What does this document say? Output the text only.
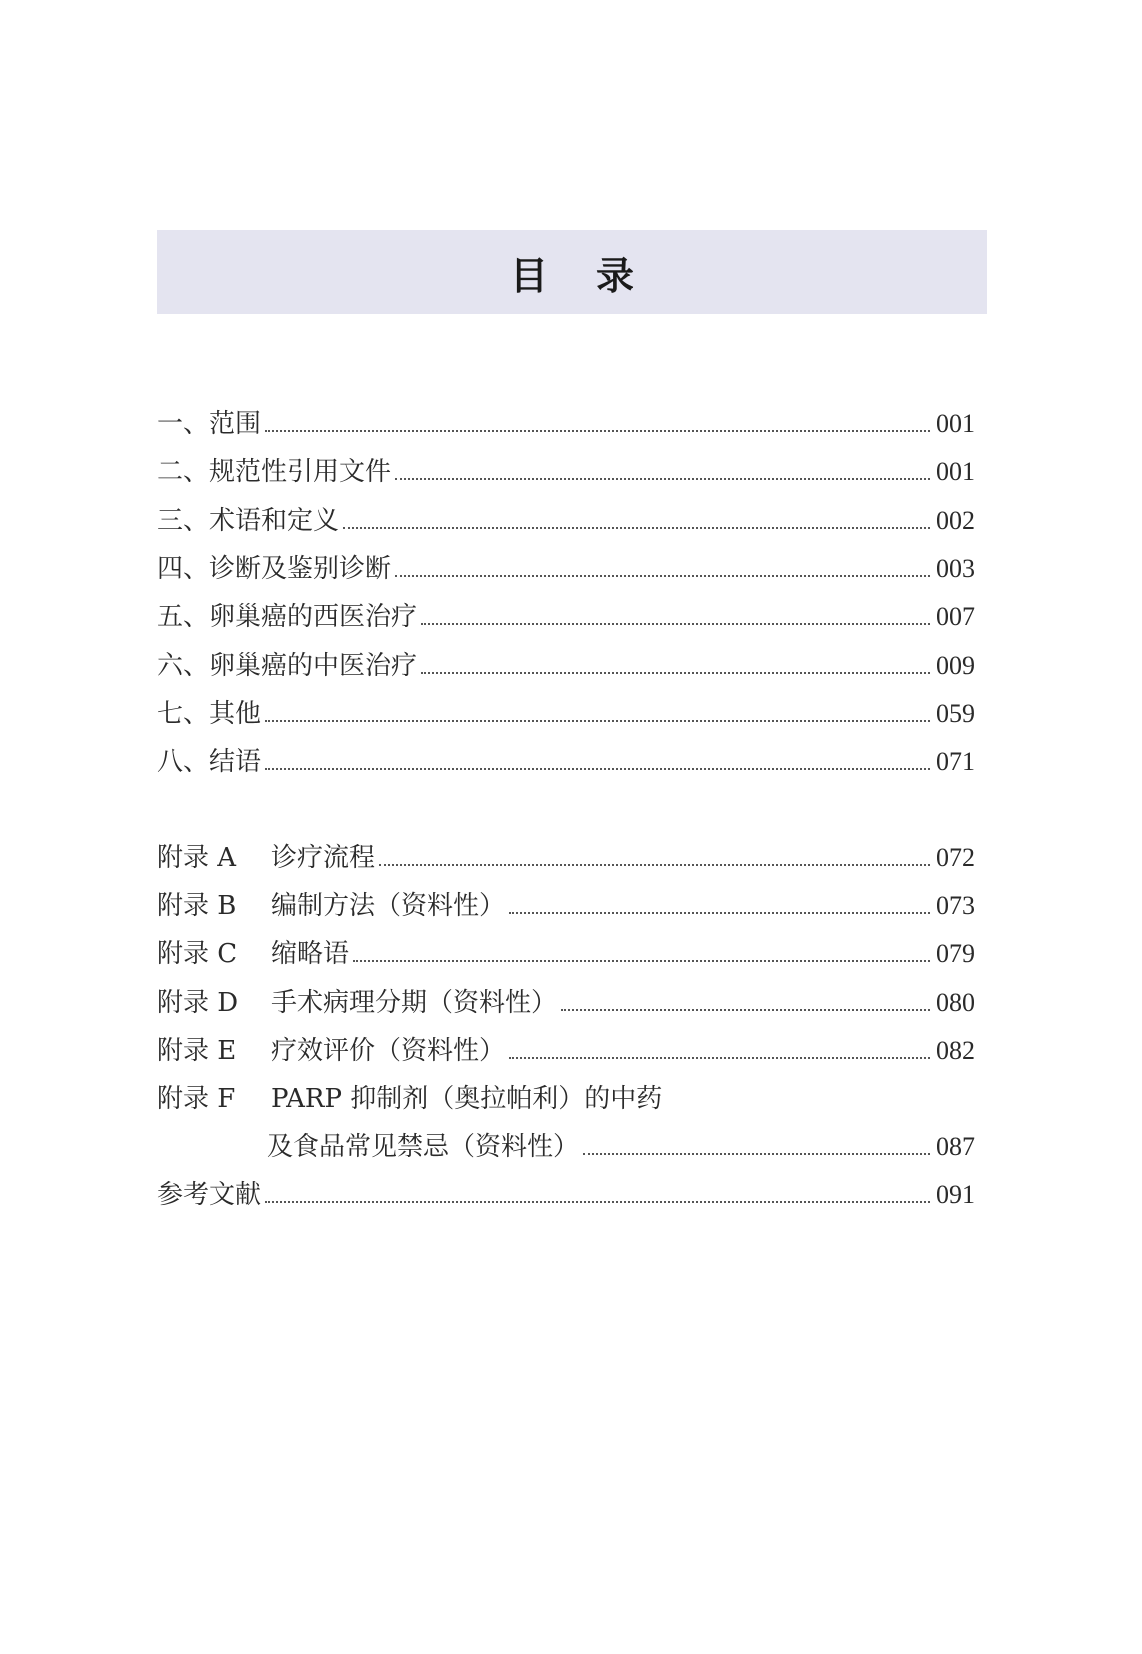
目 录
一、范围	001
二、规范性引用文件	001
三、术语和定义	002
四、诊断及鉴别诊断	003
五、卵巢癌的西医治疗	007
六、卵巢癌的中医治疗	009
七、其他	059
八、结语	071
附录 A 诊疗流程	072
附录 B 编制方法（资料性）	073
附录 C 缩略语	079
附录 D 手术病理分期（资料性）	080
附录 E 疗效评价（资料性）	082
附录 F PARP 抑制剂（奥拉帕利）的中药
及食品常见禁忌（资料性）	087
参考文献	091
